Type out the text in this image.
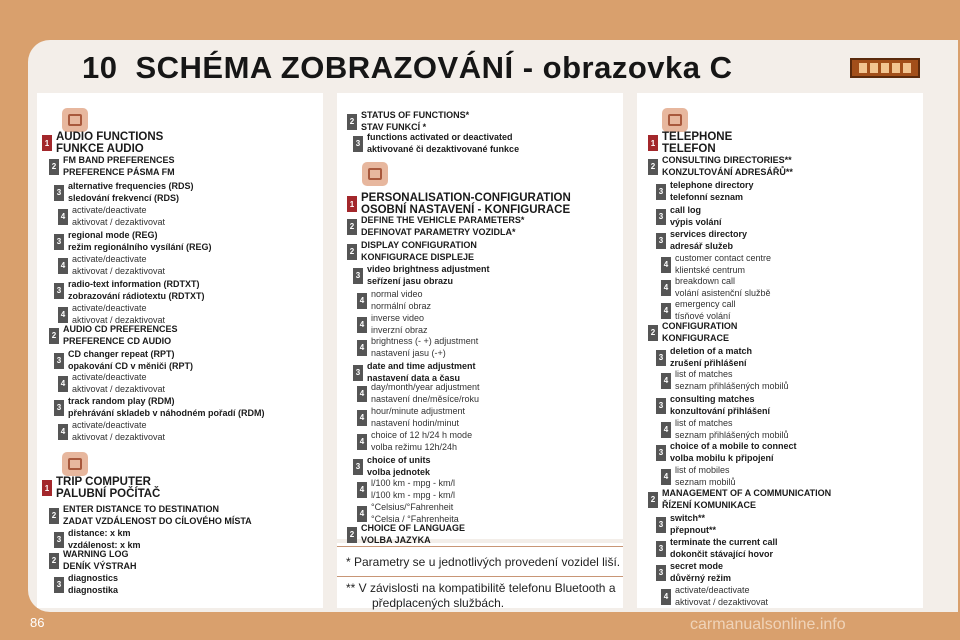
10 SCHÉMA ZOBRAZOVÁNÍ - obrazovka C
1 AUDIO FUNCTIONS
FUNKCE AUDIO
2
FM BAND PREFERENCES
PREFERENCE PÁSMA FM
3
alternative frequencies (RDS)
sledování frekvencí (RDS)
4
activate/deactivate
aktivovat / dezaktivovat
3
regional mode (REG)
režim regionálního vysílání (REG)
4
activate/deactivate
aktivovat / dezaktivovat
3
radio-text information (RDTXT)
zobrazování rádiotextu (RDTXT)
4
activate/deactivate
aktivovat / dezaktivovat
2
AUDIO CD PREFERENCES
PREFERENCE CD AUDIO
3
CD changer repeat (RPT)
opakování CD v měniči (RPT)
4
activate/deactivate
aktivovat / dezaktivovat
3
track random play (RDM)
přehrávání skladeb v náhodném pořadí (RDM)
4
activate/deactivate
aktivovat / dezaktivovat
1 TRIP COMPUTER
PALUBNÍ POČÍTAČ
2
ENTER DISTANCE TO DESTINATION
ZADAT VZDÁLENOST DO CÍLOVÉHO MÍSTA
3
distance: x km
vzdálenost: x km
2
WARNING LOG
DENÍK VÝSTRAH
3
diagnostics
diagnostika
2
STATUS OF FUNCTIONS*
STAV FUNKCÍ *
3
functions activated or deactivated
aktivované či dezaktivované funkce
1 PERSONALISATION-CONFIGURATION
OSOBNÍ NASTAVENÍ - KONFIGURACE
2
DEFINE THE VEHICLE PARAMETERS*
DEFINOVAT PARAMETRY VOZIDLA*
2
DISPLAY CONFIGURATION
KONFIGURACE DISPLEJE
3
video brightness adjustment
seřízení jasu obrazu
4
normal video
normální obraz
4
inverse video
inverzní obraz
4
brightness (- +) adjustment
nastavení jasu (-+)
3
date and time adjustment
nastavení data a času
4
day/month/year adjustment
nastavení dne/měsíce/roku
4
hour/minute adjustment
nastavení hodin/minut
4
choice of 12 h/24 h mode
volba režimu 12h/24h
3
choice of units
volba jednotek
4
l/100 km - mpg - km/l
l/100 km - mpg - km/l
4
°Celsius/°Fahrenheit
°Celsia / °Fahrenheita
2
CHOICE OF LANGUAGE
VOLBA JAZYKA
1 TELEPHONE
TELEFON
2
CONSULTING DIRECTORIES**
KONZULTOVÁNÍ ADRESÁŘŮ**
3
telephone directory
telefonní seznam
3
call log
výpis volání
3
services directory
adresář služeb
4
customer contact centre
klientské centrum
4
breakdown call
volání asistenční službě
4
emergency call
tísňové volání
2
CONFIGURATION
KONFIGURACE
3
deletion of a match
zrušení přihlášení
4
list of matches
seznam přihlášených mobilů
3
consulting matches
konzultování přihlášení
4
list of matches
seznam přihlášených mobilů
3
choice of a mobile to connect
volba mobilu k připojení
4
list of mobiles
seznam mobilů
2
MANAGEMENT OF A COMMUNICATION
ŘÍZENÍ KOMUNIKACE
3
switch**
přepnout**
3
terminate the current call
dokončit stávající hovor
3
secret mode
důvěrný režim
4
activate/deactivate
aktivovat / dezaktivovat
* Parametry se u jednotlivých provedení vozidel liší.
** V závislosti na kompatibilitě telefonu Bluetooth a
předplacených službách.
86	carmanualsonline.info
